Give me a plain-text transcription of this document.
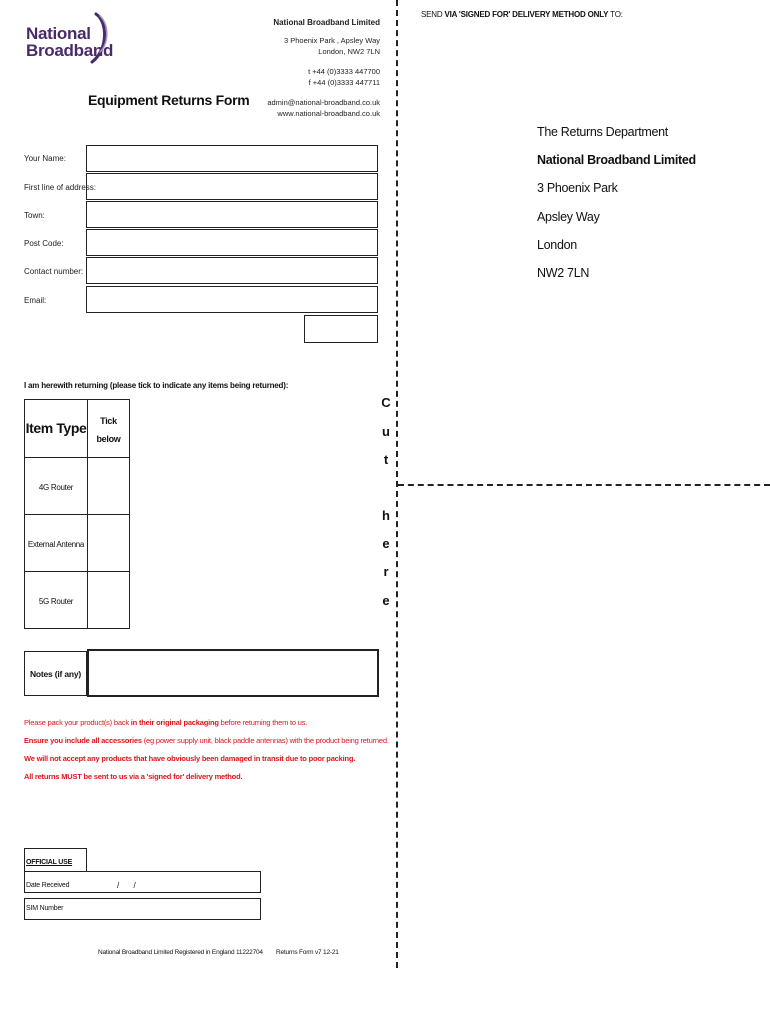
National
Broadband
National Broadband Limited
3 Phoenix Park , Apsley Way
London, NW2 7LN
t +44 (0)3333 447700
f +44 (0)3333 447711
admin@national-broadband.co.uk
www.national-broadband.co.uk
Equipment Returns Form
Your Name:
First line of address:
Town:
Post Code:
Contact number:
Email:
I am herewith returning (please tick to indicate any items being returned):
Item Type	Tick below
4G Router	
External Antenna	
5G Router	
Notes (if any)
Please pack your product(s) back in their original packaging before returning them to us.
Ensure you include all accessories (eg power supply unit, black paddle antennas) with the product being returned.
We will not accept any products that have obviously been damaged in transit due to poor packing.
All returns MUST be sent to us via a 'signed for' delivery method.
OFFICIAL USE
Date Received	/ /
SIM Number
National Broadband Limited Registered in England 11222704 Returns Form v7 12-21
C
u
t
h
e
r
e
SEND VIA 'SIGNED FOR' DELIVERY METHOD ONLY TO:
The Returns Department
National Broadband Limited
3 Phoenix Park
Apsley Way
London
NW2 7LN
